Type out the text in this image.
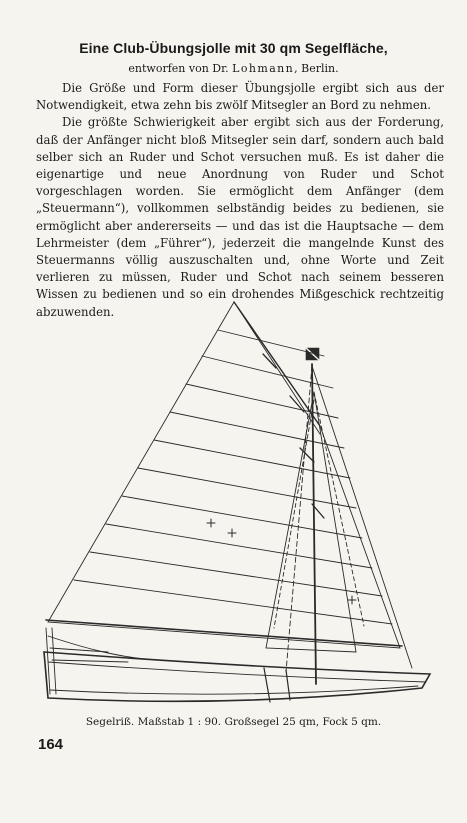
Eine Club-Übungsjolle mit 30 qm Segelfläche,
entworfen von Dr. Lohmann, Berlin.

Die Größe und Form dieser Übungsjolle ergibt sich aus der Notwendigkeit, etwa zehn bis zwölf Mitsegler an Bord zu nehmen.

Die größte Schwierigkeit aber ergibt sich aus der Forderung, daß der Anfänger nicht bloß Mitsegler sein darf, sondern auch bald selber sich an Ruder und Schot versuchen muß. Es ist daher die eigenartige und neue Anordnung von Ruder und Schot vorgeschlagen worden. Sie ermöglicht dem Anfänger (dem „Steuermann“), vollkommen selbständig beides zu bedienen, sie ermöglicht aber andererseits — und das ist die Hauptsache — dem Lehrmeister (dem „Führer“), jederzeit die mangelnde Kunst des Steuermanns völlig auszuschalten und, ohne Worte und Zeit verlieren zu müssen, Ruder und Schot nach seinem besseren Wissen zu bedienen und so ein drohendes Mißgeschick rechtzeitig abzuwenden.

Segelriß. Maßstab 1 : 90. Großsegel 25 qm, Fock 5 qm.
164
